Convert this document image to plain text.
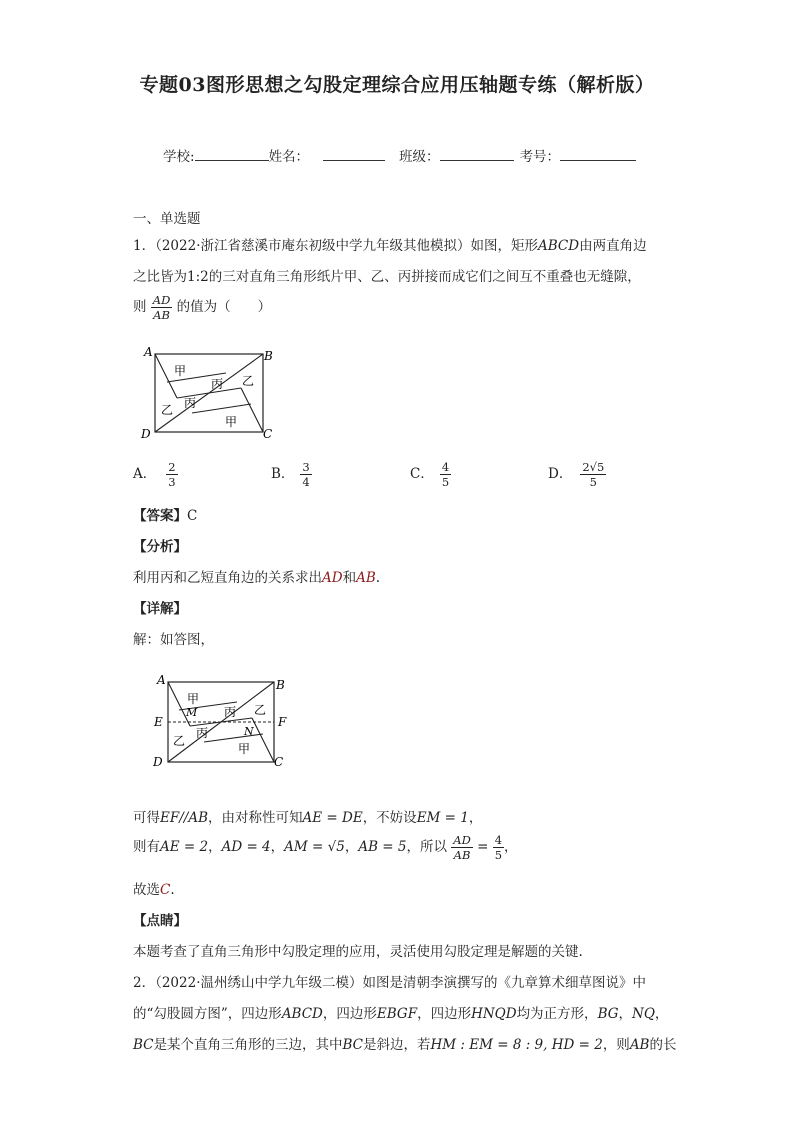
专题03图形思想之勾股定理综合应用压轴题专练（解析版）
学校:	姓名：	班级：	考号：
一、单选题
1．（2022·浙江省慈溪市庵东初级中学九年级其他模拟）如图，矩形ABCD由两直角边
之比皆为1:2的三对直角三角形纸片甲、乙、丙拼接而成它们之间互不重叠也无缝隙，
则 $\frac{AD}{AB}$ 的值为（　　）
A	B
C
D
甲
丙 乙
乙 丙
甲
A． $\frac{2}{3}$	B． $\frac{3}{4}$	C． $\frac{4}{5}$	D． $\frac{2√5}{5}$
【答案】C
【分析】
利用丙和乙短直角边的关系求出AD和AB.
【详解】
解：如答图，
A	B
C
D
E	F
M
N
甲
丙 乙
乙
丙
甲
可得EF//AB，由对称性可知AE = DE，不妨设EM = 1，
则有AE = 2，AD = 4，AM = √5，AB = 5，所以 $\frac{AD}{AB} = \frac{4}{5}$ ，
故选C.
【点睛】
本题考查了直角三角形中勾股定理的应用，灵活使用勾股定理是解题的关键.
2．（2022·温州绣山中学九年级二模）如图是清朝李演撰写的《九章算术细草图说》中
的“勾股圆方图”，四边形ABCD，四边形EBGF，四边形HNQD均为正方形，BG，NQ，
BC是某个直角三角形的三边，其中BC是斜边，若HM : EM = 8 : 9, HD = 2，则AB的长
